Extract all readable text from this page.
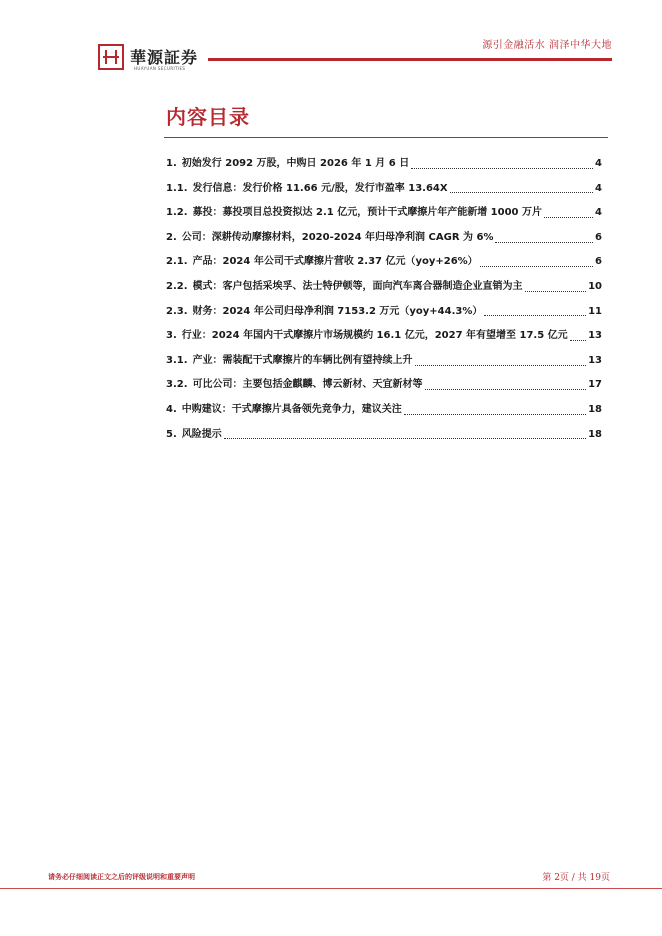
華源証券
HUAYUAN SECURITIES
源引金融活水 润泽中华大地
内容目录
1. 初始发行 2092 万股，中购日 2026 年 1 月 6 日	4
1.1. 发行信息：发行价格 11.66 元/股，发行市盈率 13.64X	4
1.2. 募投：募投项目总投资拟达 2.1 亿元，预计干式摩擦片年产能新增 1000 万片	4
2. 公司：深耕传动摩擦材料，2020-2024 年归母净利润 CAGR 为 6%	6
2.1. 产品：2024 年公司干式摩擦片营收 2.37 亿元（yoy+26%）	6
2.2. 模式：客户包括采埃孚、法士特伊顿等，面向汽车离合器制造企业直销为主	10
2.3. 财务：2024 年公司归母净利润 7153.2 万元（yoy+44.3%）	11
3. 行业：2024 年国内干式摩擦片市场规模约 16.1 亿元，2027 年有望增至 17.5 亿元 13
3.1. 产业：需装配干式摩擦片的车辆比例有望持续上升	13
3.2. 可比公司：主要包括金麒麟、博云新材、天宜新材等	17
4. 中购建议：干式摩擦片具备领先竞争力，建议关注	18
5. 风险提示	18
请务必仔细阅读正文之后的评级说明和重要声明	第 2页 / 共 19页
